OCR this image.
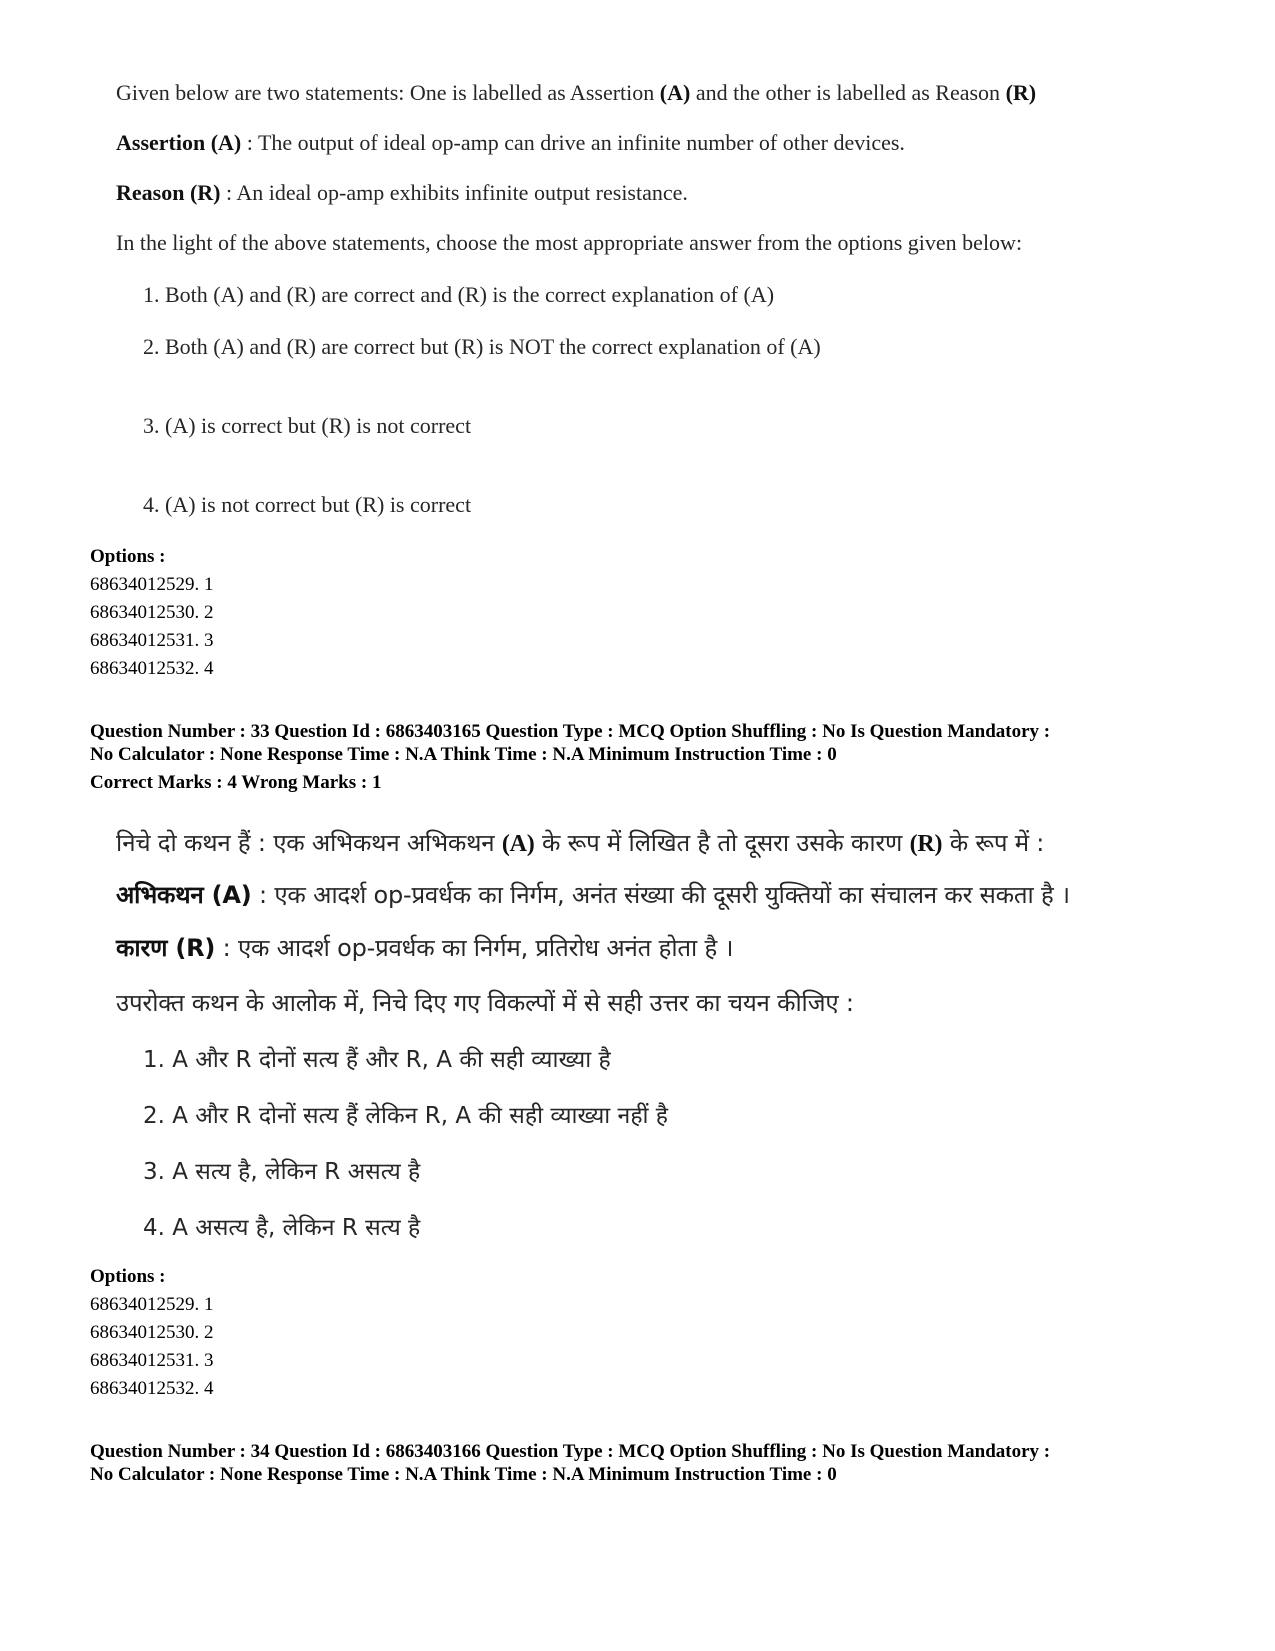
Given below are two statements: One is labelled as Assertion (A) and the other is labelled as Reason (R)
Assertion (A) : The output of ideal op-amp can drive an infinite number of other devices.
Reason (R) : An ideal op-amp exhibits infinite output resistance.
In the light of the above statements, choose the most appropriate answer from the options given below:
1. Both (A) and (R) are correct and (R) is the correct explanation of (A)
2. Both (A) and (R) are correct but (R) is NOT the correct explanation of (A)
3. (A) is correct but (R) is not correct
4. (A) is not correct but (R) is correct
Options :
68634012529. 1
68634012530. 2
68634012531. 3
68634012532. 4
Question Number : 33 Question Id : 6863403165 Question Type : MCQ Option Shuffling : No Is Question Mandatory :
No Calculator : None Response Time : N.A Think Time : N.A Minimum Instruction Time : 0
Correct Marks : 4 Wrong Marks : 1
निचे दो कथन हैं : एक अभिकथन अभिकथन (A) के रूप में लिखित है तो दूसरा उसके कारण (R) के रूप में :
अभिकथन (A) : एक आदर्श op-प्रवर्धक का निर्गम, अनंत संख्या की दूसरी युक्तियों का संचालन कर सकता है ।
कारण (R) : एक आदर्श op-प्रवर्धक का निर्गम, प्रतिरोध अनंत होता है ।
उपरोक्त कथन के आलोक में, निचे दिए गए विकल्पों में से सही उत्तर का चयन कीजिए :
1. A और R दोनों सत्य हैं और R, A की सही व्याख्या है
2. A और R दोनों सत्य हैं लेकिन R, A की सही व्याख्या नहीं है
3. A सत्य है, लेकिन R असत्य है
4. A असत्य है, लेकिन R सत्य है
Options :
68634012529. 1
68634012530. 2
68634012531. 3
68634012532. 4
Question Number : 34 Question Id : 6863403166 Question Type : MCQ Option Shuffling : No Is Question Mandatory :
No Calculator : None Response Time : N.A Think Time : N.A Minimum Instruction Time : 0
